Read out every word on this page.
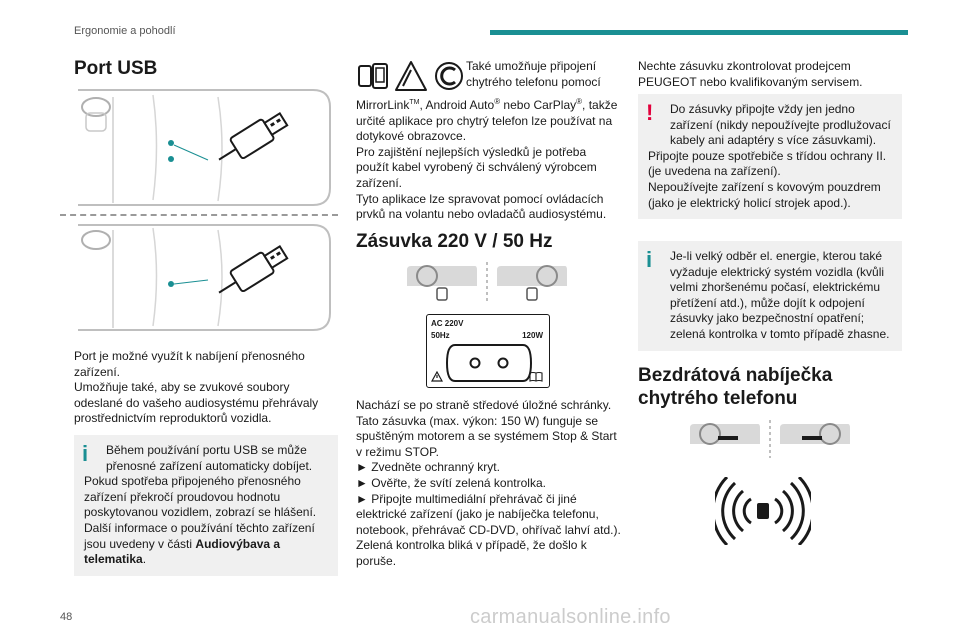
Ergonomie a pohodlí
Port USB

Port je možné využít k nabíjení přenosného zařízení.

Umožňuje také, aby se zvukové soubory odeslané do vašeho audiosystému přehrávaly prostřednictvím reproduktorů vozidla.

i	Během používání portu USB se může přenosné zařízení automaticky dobíjet.
Pokud spotřeba připojeného přenosného zařízení překročí proudovou hodnotu poskytovanou vozidlem, zobrazí se hlášení.
Další informace o používání těchto zařízení jsou uvedeny v části Audiovýbava a telematika.
Také umožňuje připojení chytrého telefonu pomocí

MirrorLink™, Android Auto® nebo CarPlay®, takže určité aplikace pro chytrý telefon lze používat na dotykové obrazovce.

Pro zajištění nejlepších výsledků je potřeba použít kabel vyrobený či schválený výrobcem zařízení.

Tyto aplikace lze spravovat pomocí ovládacích prvků na volantu nebo ovladačů audiosystému.

Zásuvka 220 V / 50 Hz
AC 220V
50Hz	120W

Nachází se po straně středové úložné schránky.

Tato zásuvka (max. výkon: 150 W) funguje se spuštěným motorem a se systémem Stop & Start v režimu STOP.

► Zvedněte ochranný kryt.

► Ověřte, že svítí zelená kontrolka.

► Připojte multimediální přehrávač či jiné elektrické zařízení (jako je nabíječka telefonu, notebook, přehrávač CD-DVD, ohřívač lahví atd.).

Zelená kontrolka bliká v případě, že došlo k poruše.

Nechte zásuvku zkontrolovat prodejcem PEUGEOT nebo kvalifikovaným servisem.
!	Do zásuvky připojte vždy jen jedno zařízení (nikdy nepoužívejte prodlužovací kabely ani adaptéry s více zásuvkami).
Připojte pouze spotřebiče s třídou ochrany II. (je uvedena na zařízení).
Nepoužívejte zařízení s kovovým pouzdrem (jako je elektrický holicí strojek apod.).
i	Je-li velký odběr el. energie, kterou také vyžaduje elektrický systém vozidla (kvůli velmi zhoršenému počasí, elektrickému přetížení atd.), může dojít k odpojení zásuvky jako bezpečnostní opatření; zelená kontrolka v tomto případě zhasne.
Bezdrátová nabíječka chytrého telefonu
48	carmanualsonline.info
